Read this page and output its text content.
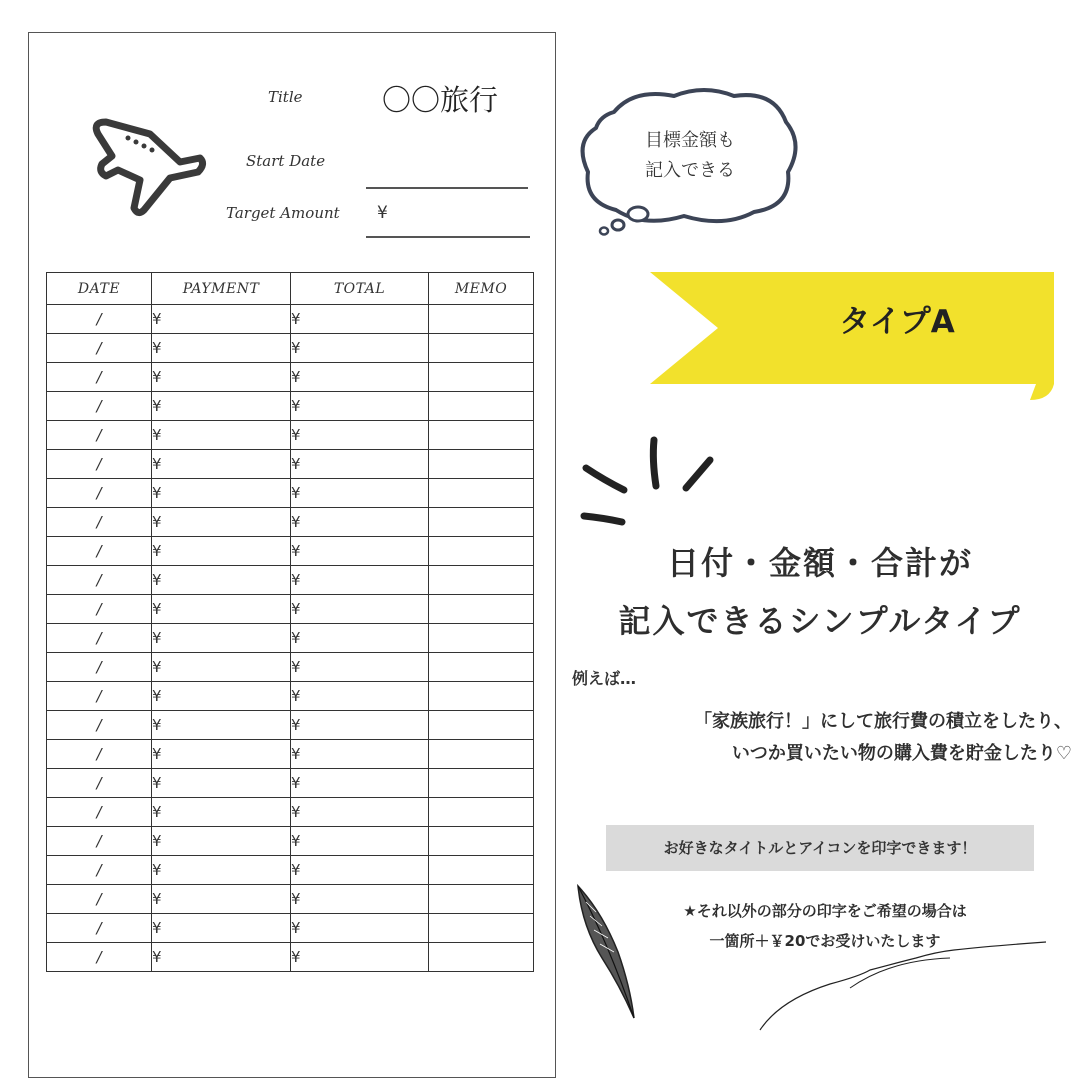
Title	〇〇旅行
Start Date
Target Amount ¥
DATE	PAYMENT	TOTAL	MEMO
/	¥	¥	
/	¥	¥	
/	¥	¥	
/	¥	¥	
/	¥	¥	
/	¥	¥	
/	¥	¥	
/	¥	¥	
/	¥	¥	
/	¥	¥	
/	¥	¥	
/	¥	¥	
/	¥	¥	
/	¥	¥	
/	¥	¥	
/	¥	¥	
/	¥	¥	
/	¥	¥	
/	¥	¥	
/	¥	¥	
/	¥	¥	
/	¥	¥	
/	¥	¥	
目標金額も
記入できる
タイプA
日付・金額・合計が
記入できるシンプルタイプ
例えば…
「家族旅行！」にして旅行費の積立をしたり、
いつか買いたい物の購入費を貯金したり♡
お好きなタイトルとアイコンを印字できます！
★それ以外の部分の印字をご希望の場合は
一箇所＋￥20でお受けいたします
